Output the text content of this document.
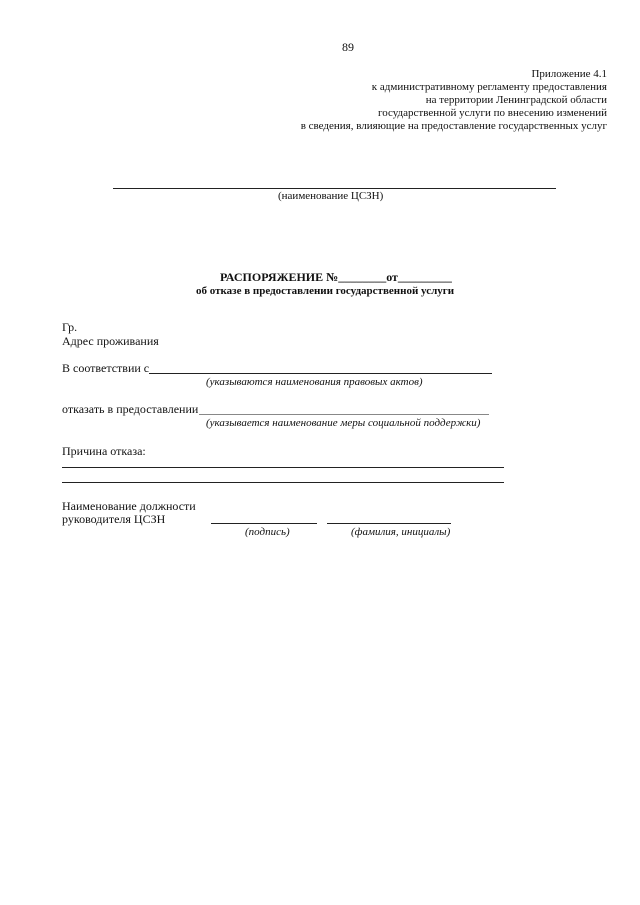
89
Приложение 4.1
к административному регламенту предоставления
на территории Ленинградской области
государственной услуги по внесению изменений
в сведения, влияющие на предоставление государственных услуг
(наименование ЦСЗН)
РАСПОРЯЖЕНИЕ №________от_________
об отказе в предоставлении государственной услуги
Гр.
Адрес проживания
В соответствии с
(указываются наименования правовых актов)
отказать в предоставлении
(указывается наименование меры социальной поддержки)
Причина отказа:
Наименование должности
руководителя ЦСЗН
(подпись)	(фамилия, инициалы)
